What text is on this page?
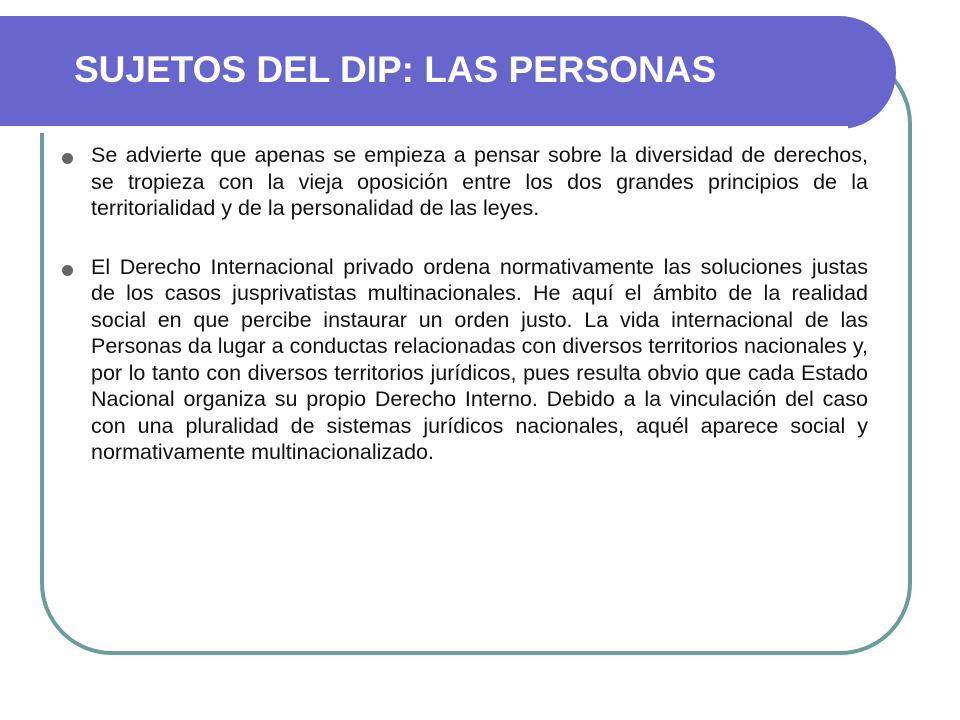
SUJETOS DEL DIP: LAS PERSONAS

Se advierte que apenas se empieza a pensar sobre la diversidad de derechos, se tropieza con la vieja oposición entre los dos grandes principios de la territorialidad y de la personalidad de las leyes.

El Derecho Internacional privado ordena normativamente las soluciones justas de los casos jusprivatistas multinacionales. He aquí el ámbito de la realidad social en que percibe instaurar un orden justo. La vida internacional de las Personas da lugar a conductas relacionadas con diversos territorios nacionales y, por lo tanto con diversos territorios jurídicos, pues resulta obvio que cada Estado Nacional organiza su propio Derecho Interno. Debido a la vinculación del caso con una pluralidad de sistemas jurídicos nacionales, aquél aparece social y normativamente multinacionalizado.
